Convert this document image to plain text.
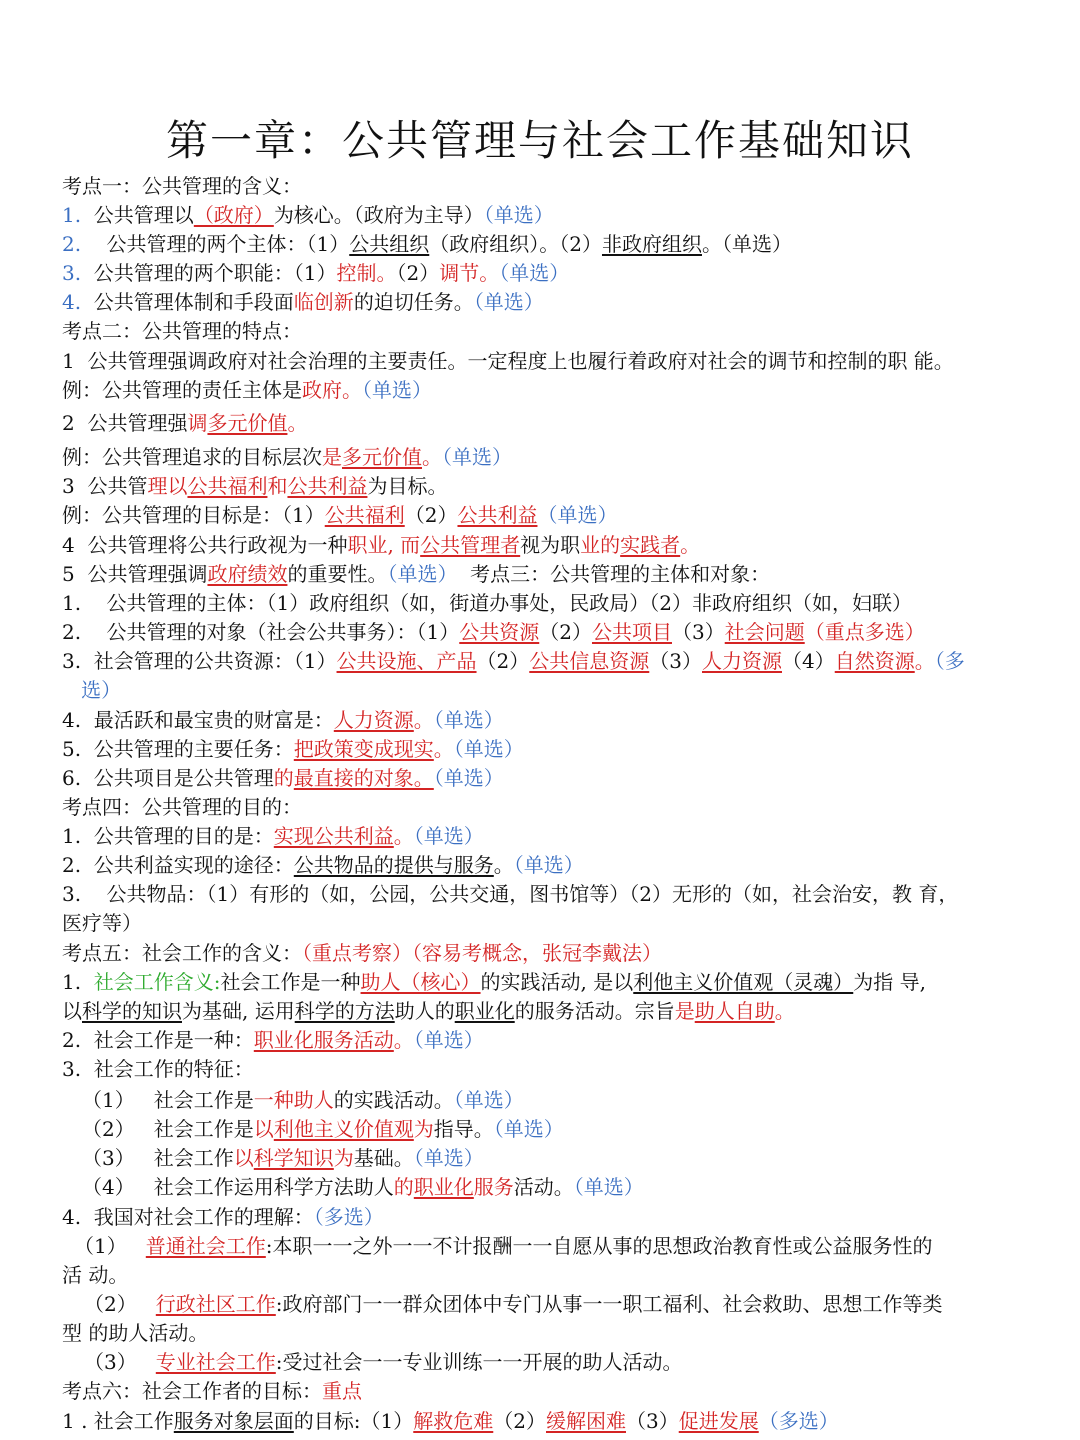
第一章：公共管理与社会工作基础知识
考点一：公共管理的含义：
1.  公共管理以（政府）为核心。（政府为主导）（单选）
2.    公共管理的两个主体：（1）公共组织（政府组织）。（2）非政府组织。（单选）
3.  公共管理的两个职能：（1）控制。（2）调节。（单选）
4.  公共管理体制和手段面临创新的迫切任务。（单选）
考点二：公共管理的特点：
1  公共管理强调政府对社会治理的主要责任。一定程度上也履行着政府对社会的调节和控制的职 能。
例：公共管理的责任主体是政府。（单选）
2  公共管理强调多元价值。
例：公共管理追求的目标层次是多元价值。（单选）
3  公共管理以公共福利和公共利益为目标。
例：公共管理的目标是：（1）公共福利（2）公共利益（单选）
4  公共管理将公共行政视为一种职业, 而公共管理者视为职业的实践者。
5  公共管理强调政府绩效的重要性。（单选）  考点三：公共管理的主体和对象：
1.    公共管理的主体：（1）政府组织（如，街道办事处，民政局）（2）非政府组织（如，妇联）
2.    公共管理的对象（社会公共事务）：（1）公共资源（2）公共项目（3）社会问题（重点多选）
3.  社会管理的公共资源：（1）公共设施、产品（2）公共信息资源（3）人力资源（4）自然资源。（多
选）
4.  最活跃和最宝贵的财富是：人力资源。（单选）
5.  公共管理的主要任务：把政策变成现实。（单选）
6.  公共项目是公共管理的最直接的对象。（单选）
考点四：公共管理的目的：
1.  公共管理的目的是：实现公共利益。（单选）
2.  公共利益实现的途径：公共物品的提供与服务。（单选）
3.    公共物品：（1）有形的（如，公园，公共交通，图书馆等）（2）无形的（如，社会治安，教 育，
医疗等）
考点五：社会工作的含义：（重点考察）（容易考概念，张冠李戴法）
1.  社会工作含义:社会工作是一种助人（核心）的实践活动, 是以利他主义价值观（灵魂）为指 导,
以科学的知识为基础, 运用科学的方法助人的职业化的服务活动。宗旨是助人自助。
2.  社会工作是一种：职业化服务活动。（单选）
3.  社会工作的特征：
（1）   社会工作是一种助人的实践活动。（单选）
（2）   社会工作是以利他主义价值观为指导。（单选）
（3）   社会工作以科学知识为基础。（单选）
（4）   社会工作运用科学方法助人的职业化服务活动。（单选）
4.  我国对社会工作的理解：（多选）
（1）   普通社会工作:本职一一之外一一不计报酬一一自愿从事的思想政治教育性或公益服务性的
活 动。
（2）   行政社区工作:政府部门一一群众团体中专门从事一一职工福利、社会救助、思想工作等类
型 的助人活动。
（3）   专业社会工作:受过社会一一专业训练一一开展的助人活动。
考点六：社会工作者的目标：重点
1 . 社会工作服务对象层面的目标:（1）解救危难（2）缓解困难（3）促进发展（多选）
